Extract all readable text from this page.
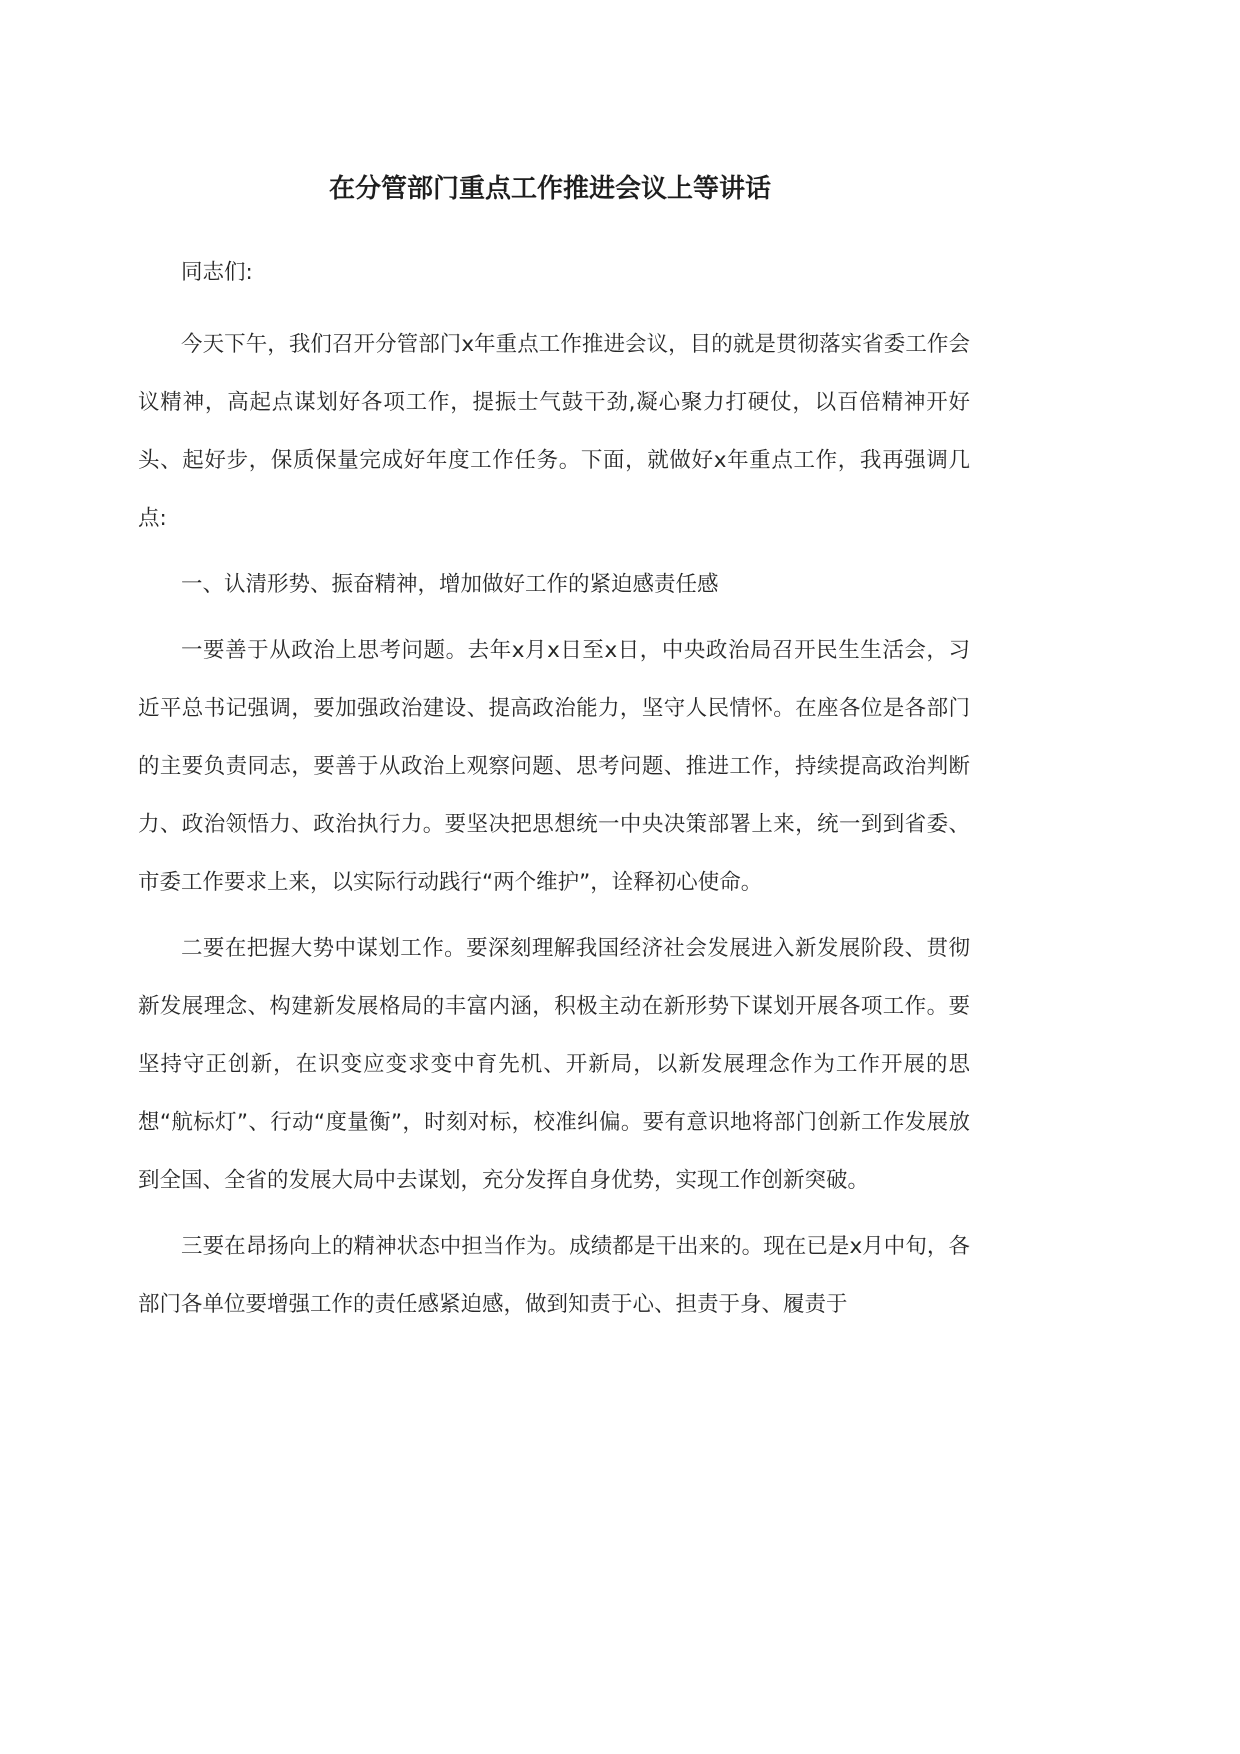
在分管部门重点工作推进会议上等讲话

同志们:

今天下午，我们召开分管部门x年重点工作推进会议，目的就是贯彻落实省委工作会议精神，高起点谋划好各项工作，提振士气鼓干劲,凝心聚力打硬仗，以百倍精神开好头、起好步，保质保量完成好年度工作任务。下面，就做好x年重点工作，我再强调几点:

一、认清形势、振奋精神，增加做好工作的紧迫感责任感

一要善于从政治上思考问题。去年x月x日至x日，中央政治局召开民生生活会，习近平总书记强调，要加强政治建设、提高政治能力，坚守人民情怀。在座各位是各部门的主要负责同志，要善于从政治上观察问题、思考问题、推进工作，持续提高政治判断力、政治领悟力、政治执行力。要坚决把思想统一中央决策部署上来，统一到到省委、市委工作要求上来，以实际行动践行“两个维护”，诠释初心使命。

二要在把握大势中谋划工作。要深刻理解我国经济社会发展进入新发展阶段、贯彻新发展理念、构建新发展格局的丰富内涵，积极主动在新形势下谋划开展各项工作。要坚持守正创新，在识变应变求变中育先机、开新局，以新发展理念作为工作开展的思想“航标灯”、行动“度量衡”，时刻对标，校准纠偏。要有意识地将部门创新工作发展放到全国、全省的发展大局中去谋划，充分发挥自身优势，实现工作创新突破。

三要在昂扬向上的精神状态中担当作为。成绩都是干出来的。现在已是x月中旬，各部门各单位要增强工作的责任感紧迫感，做到知责于心、担责于身、履责于
